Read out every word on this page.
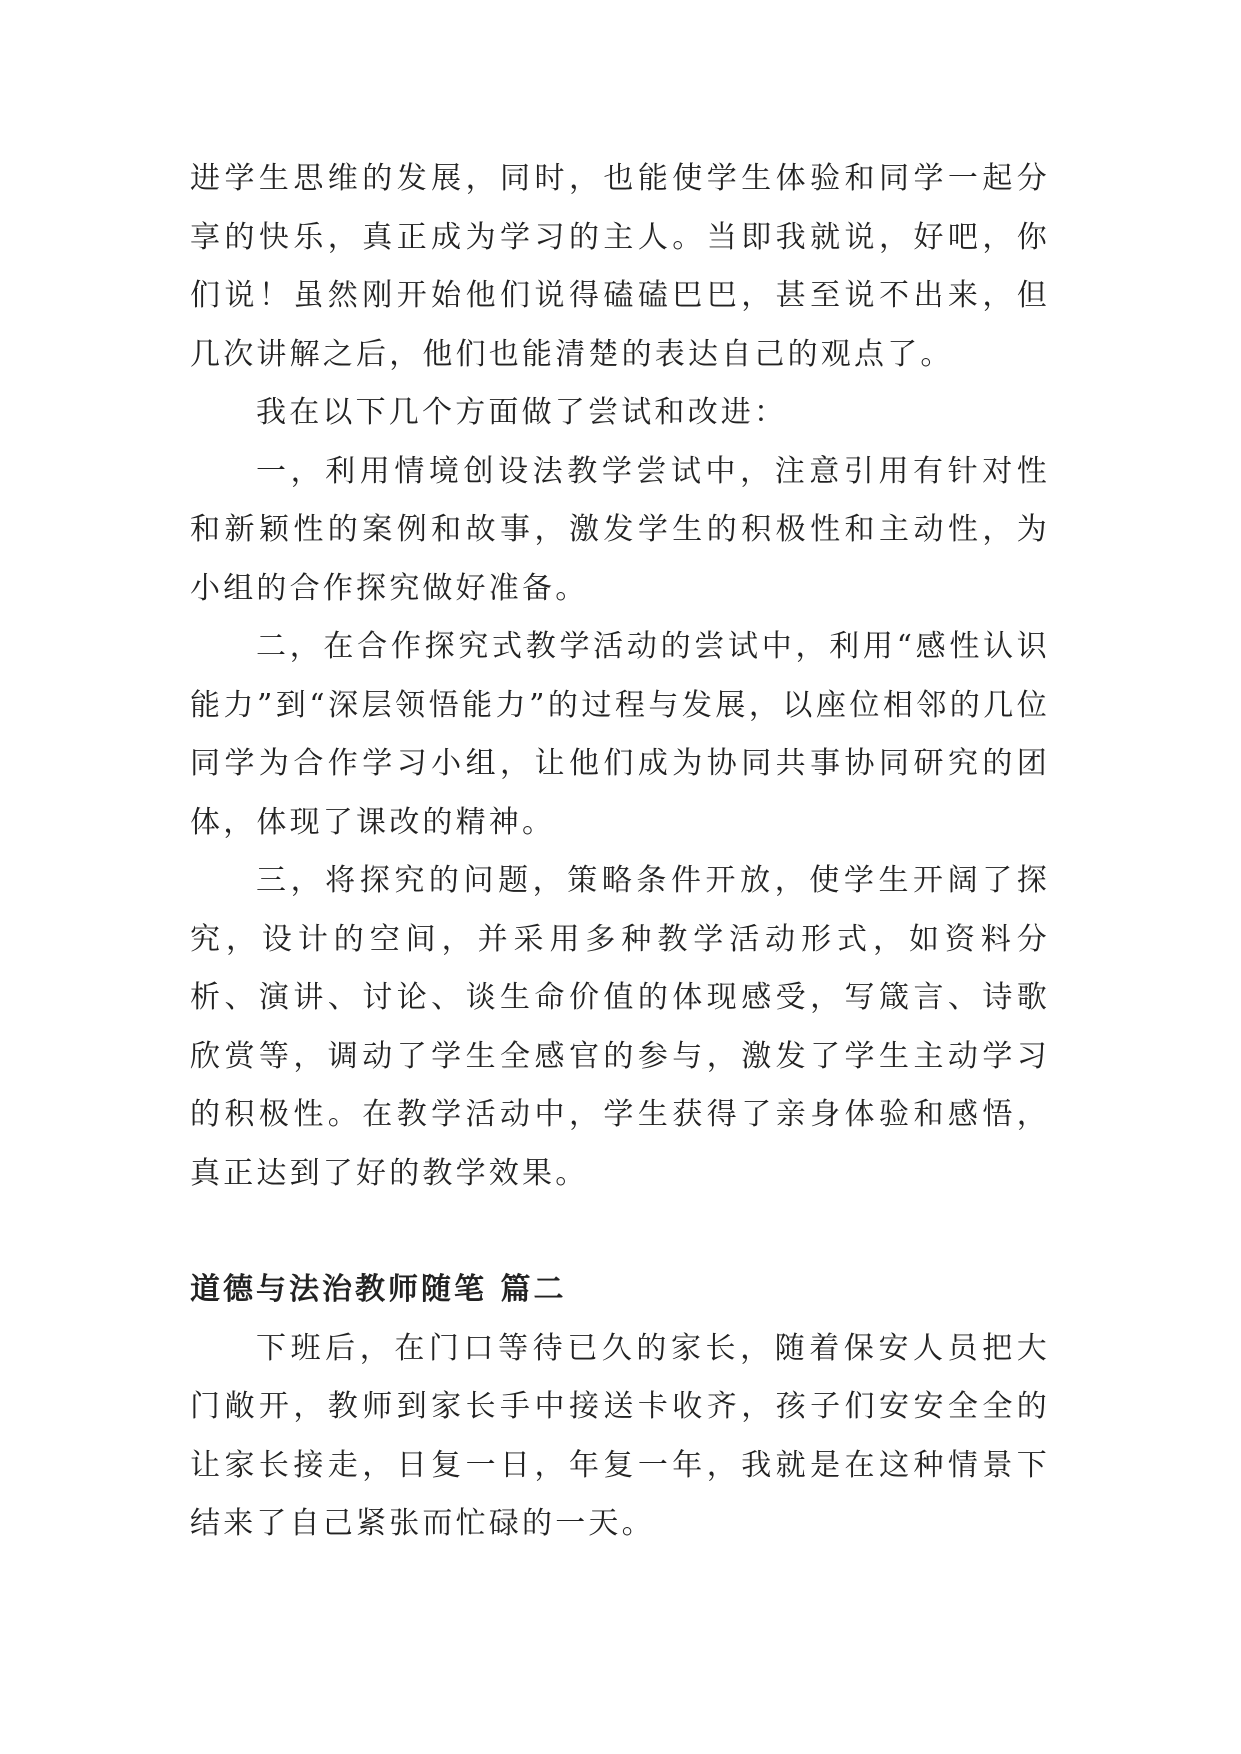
进学生思维的发展，同时，也能使学生体验和同学一起分享的快乐，真正成为学习的主人。当即我就说，好吧，你们说！虽然刚开始他们说得磕磕巴巴，甚至说不出来，但几次讲解之后，他们也能清楚的表达自己的观点了。

我在以下几个方面做了尝试和改进：

一，利用情境创设法教学尝试中，注意引用有针对性和新颖性的案例和故事，激发学生的积极性和主动性，为小组的合作探究做好准备。

二，在合作探究式教学活动的尝试中，利用“感性认识能力”到“深层领悟能力”的过程与发展，以座位相邻的几位同学为合作学习小组，让他们成为协同共事协同研究的团体，体现了课改的精神。

三，将探究的问题，策略条件开放，使学生开阔了探究，设计的空间，并采用多种教学活动形式，如资料分析、演讲、讨论、谈生命价值的体现感受，写箴言、诗歌欣赏等，调动了学生全感官的参与，激发了学生主动学习的积极性。在教学活动中，学生获得了亲身体验和感悟，真正达到了好的教学效果。

道德与法治教师随笔 篇二

下班后，在门口等待已久的家长，随着保安人员把大门敞开，教师到家长手中接送卡收齐，孩子们安安全全的让家长接走，日复一日，年复一年，我就是在这种情景下结来了自己紧张而忙碌的一天。
